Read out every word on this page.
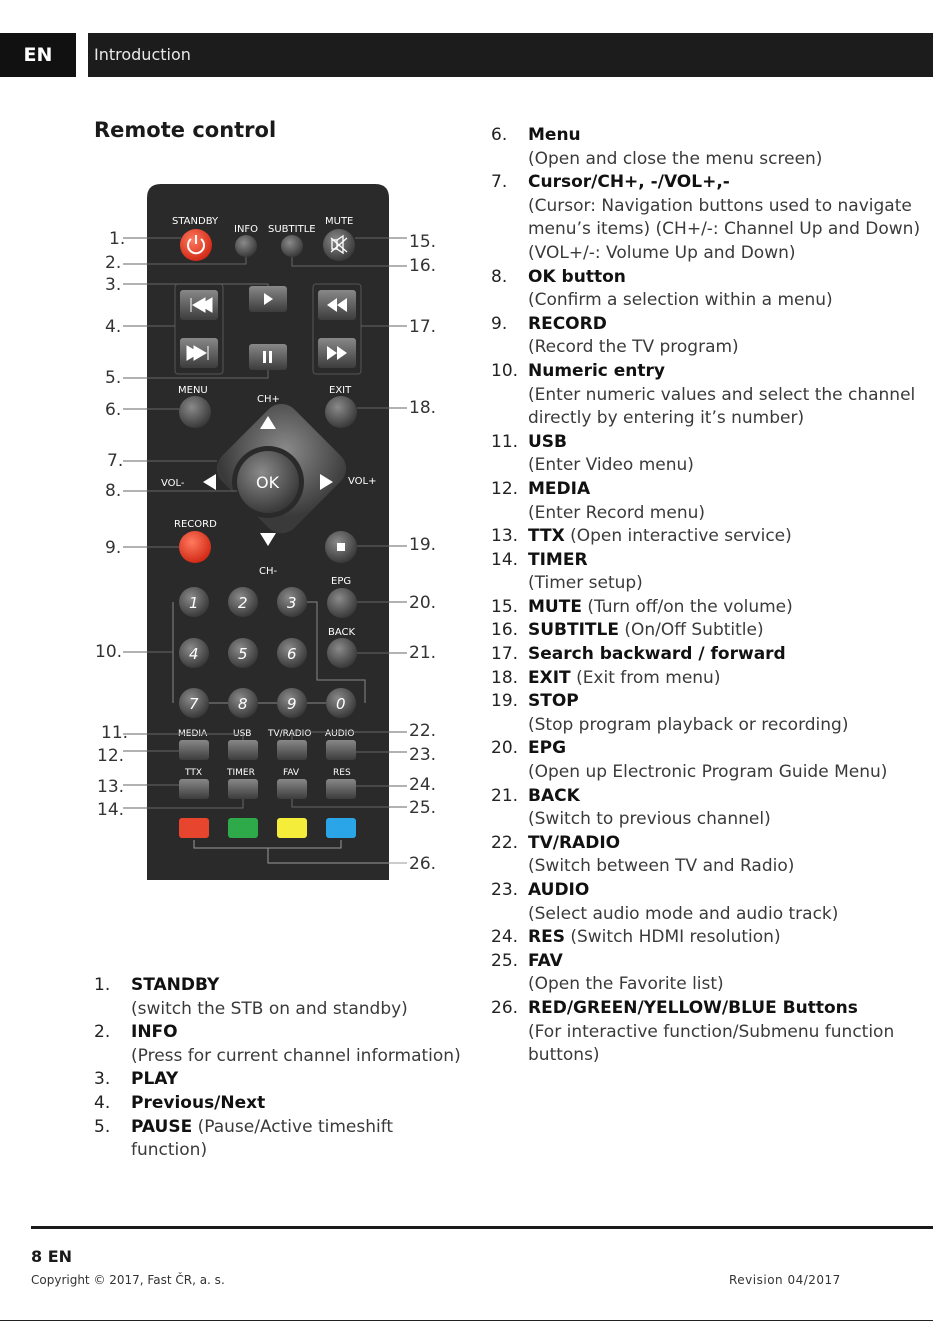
EN	Introduction
Remote control
STANDBY
INFO SUBTITLE
MUTE
MENU	EXIT
CH+
CH-
VOL-	VOL+
OK
RECORD
1	2	3
4	5	6
7	8	9	0
EPG
BACK
MEDIA	USB TV/RADIO AUDIO
TTX	TIMER	FAV	RES
1.
2.
3.
4.
5.
6.
7.
8.
9.
10.
11.
12.
13.
14.
15.
16.
17.
18.
19.
20.
21.
22.
23.
24.
25.
26.
1. STANDBY
(switch the STB on and standby)
2. INFO
(Press for current channel information)
3. PLAY
4. Previous/Next
5. PAUSE (Pause/Active timeshift function)
6. Menu
(Open and close the menu screen)
7. Cursor/CH+, -/VOL+,-
(Cursor: Navigation buttons used to navigate menu’s items) (CH+/-: Channel Up and Down) (VOL+/-: Volume Up and Down)
8. OK button
(Confirm a selection within a menu)
9. RECORD
(Record the TV program)
10. Numeric entry
(Enter numeric values and select the channel directly by entering it’s number)
11. USB
(Enter Video menu)
12. MEDIA
(Enter Record menu)
13. TTX (Open interactive service)
14. TIMER
(Timer setup)
15. MUTE (Turn off/on the volume)
16. SUBTITLE (On/Off Subtitle)
17. Search backward / forward
18. EXIT (Exit from menu)
19. STOP
(Stop program playback or recording)
20. EPG
(Open up Electronic Program Guide Menu)
21. BACK
(Switch to previous channel)
22. TV/RADIO
(Switch between TV and Radio)
23. AUDIO
(Select audio mode and audio track)
24. RES (Switch HDMI resolution)
25. FAV
(Open the Favorite list)
26. RED/GREEN/YELLOW/BLUE Buttons
(For interactive function/Submenu function buttons)
8 EN
Copyright © 2017, Fast ČR, a. s.	Revision 04/2017
